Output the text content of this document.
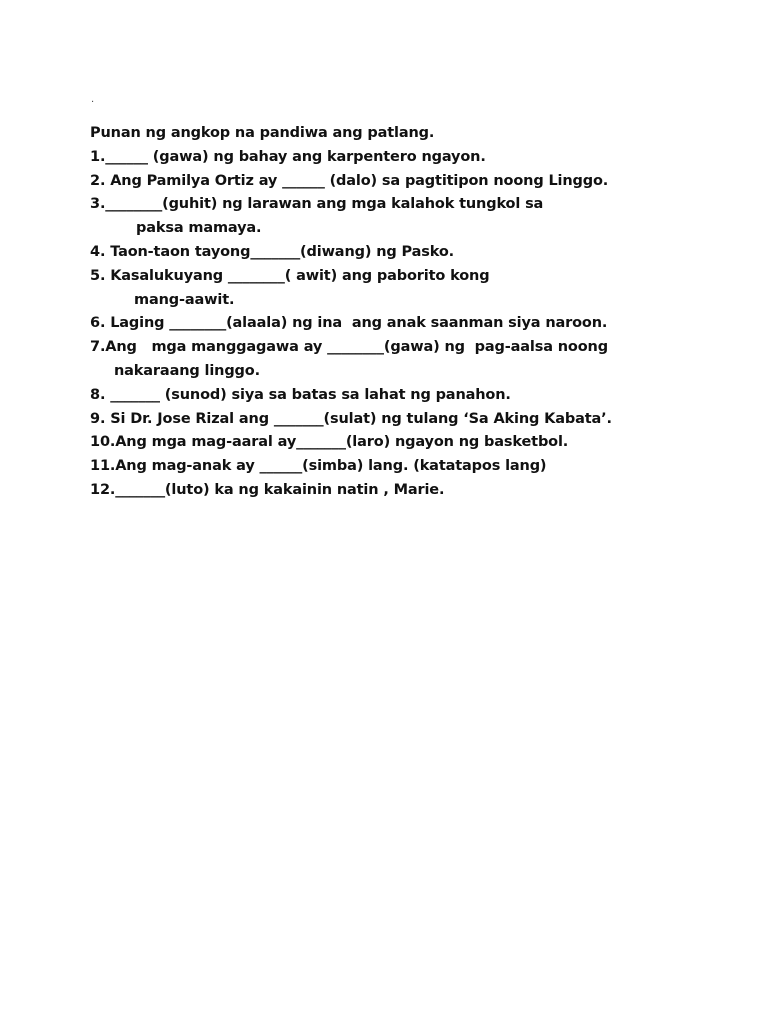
.
Punan ng angkop na pandiwa ang patlang.
1.______ (gawa) ng bahay ang karpentero ngayon.
2. Ang Pamilya Ortiz ay ______ (dalo) sa pagtitipon noong Linggo.
3.________(guhit) ng larawan ang mga kalahok tungkol sa
paksa mamaya.
4. Taon-taon tayong_______(diwang) ng Pasko.
5. Kasalukuyang ________( awit) ang paborito kong
mang-aawit.
6. Laging ________(alaala) ng ina  ang anak saanman siya naroon.
7.Ang   mga manggagawa ay ________(gawa) ng  pag-aalsa noong
nakaraang linggo.
8. _______ (sunod) siya sa batas sa lahat ng panahon.
9. Si Dr. Jose Rizal ang _______(sulat) ng tulang ‘Sa Aking Kabata’.
10.Ang mga mag-aaral ay_______(laro) ngayon ng basketbol.
11.Ang mag-anak ay ______(simba) lang. (katatapos lang)
12._______(luto) ka ng kakainin natin , Marie.
